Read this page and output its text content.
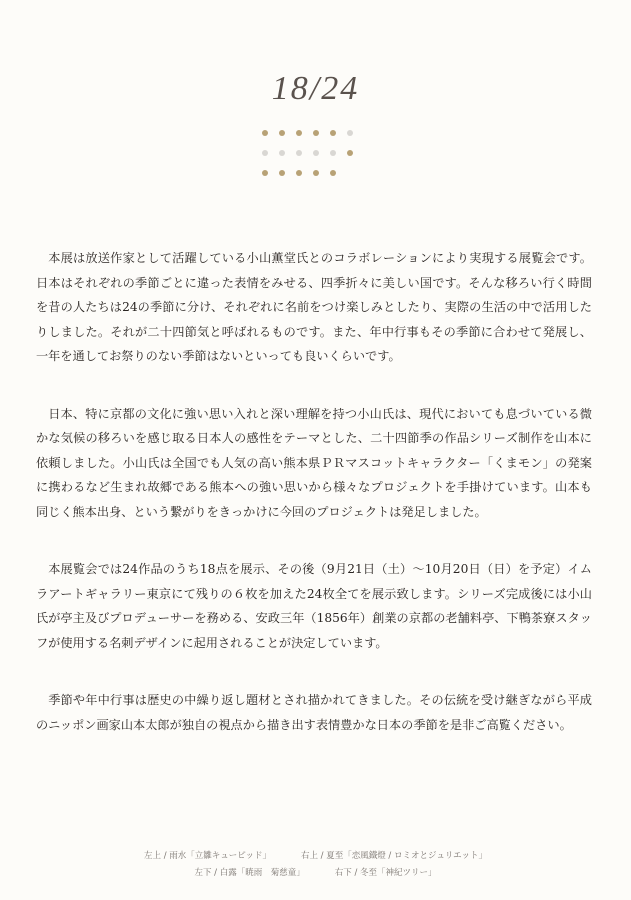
18/24

本展は放送作家として活躍している小山薫堂氏とのコラボレーションにより実現する展覧会です。日本はそれぞれの季節ごとに違った表情をみせる、四季折々に美しい国です。そんな移ろい行く時間を昔の人たちは24の季節に分け、それぞれに名前をつけ楽しみとしたり、実際の生活の中で活用したりしました。それが二十四節気と呼ばれるものです。また、年中行事もその季節に合わせて発展し、一年を通してお祭りのない季節はないといっても良いくらいです。

日本、特に京都の文化に強い思い入れと深い理解を持つ小山氏は、現代においても息づいている微かな気候の移ろいを感じ取る日本人の感性をテーマとした、二十四節季の作品シリーズ制作を山本に依頼しました。小山氏は全国でも人気の高い熊本県ＰＲマスコットキャラクター「くまモン」の発案に携わるなど生まれ故郷である熊本への強い思いから様々なプロジェクトを手掛けています。山本も同じく熊本出身、という繋がりをきっかけに今回のプロジェクトは発足しました。

本展覧会では24作品のうち18点を展示、その後（9月21日（土）～10月20日（日）を予定）イムラアートギャラリー東京にて残りの６枚を加えた24枚全てを展示致します。シリーズ完成後には小山氏が亭主及びプロデューサーを務める、安政三年（1856年）創業の京都の老舗料亭、下鴨茶寮スタッフが使用する名刺デザインに起用されることが決定しています。

季節や年中行事は歴史の中繰り返し題材とされ描かれてきました。その伝統を受け継ぎながら平成のニッポン画家山本太郎が独自の視点から描き出す表情豊かな日本の季節を是非ご高覧ください。

左上 / 雨水「立雛キューピッド」	右上 / 夏至「恋風鐵燈 / ロミオとジュリエット」
左下 / 白露「暁雨　菊慈童」	右下 / 冬至「神紀ツリー」
